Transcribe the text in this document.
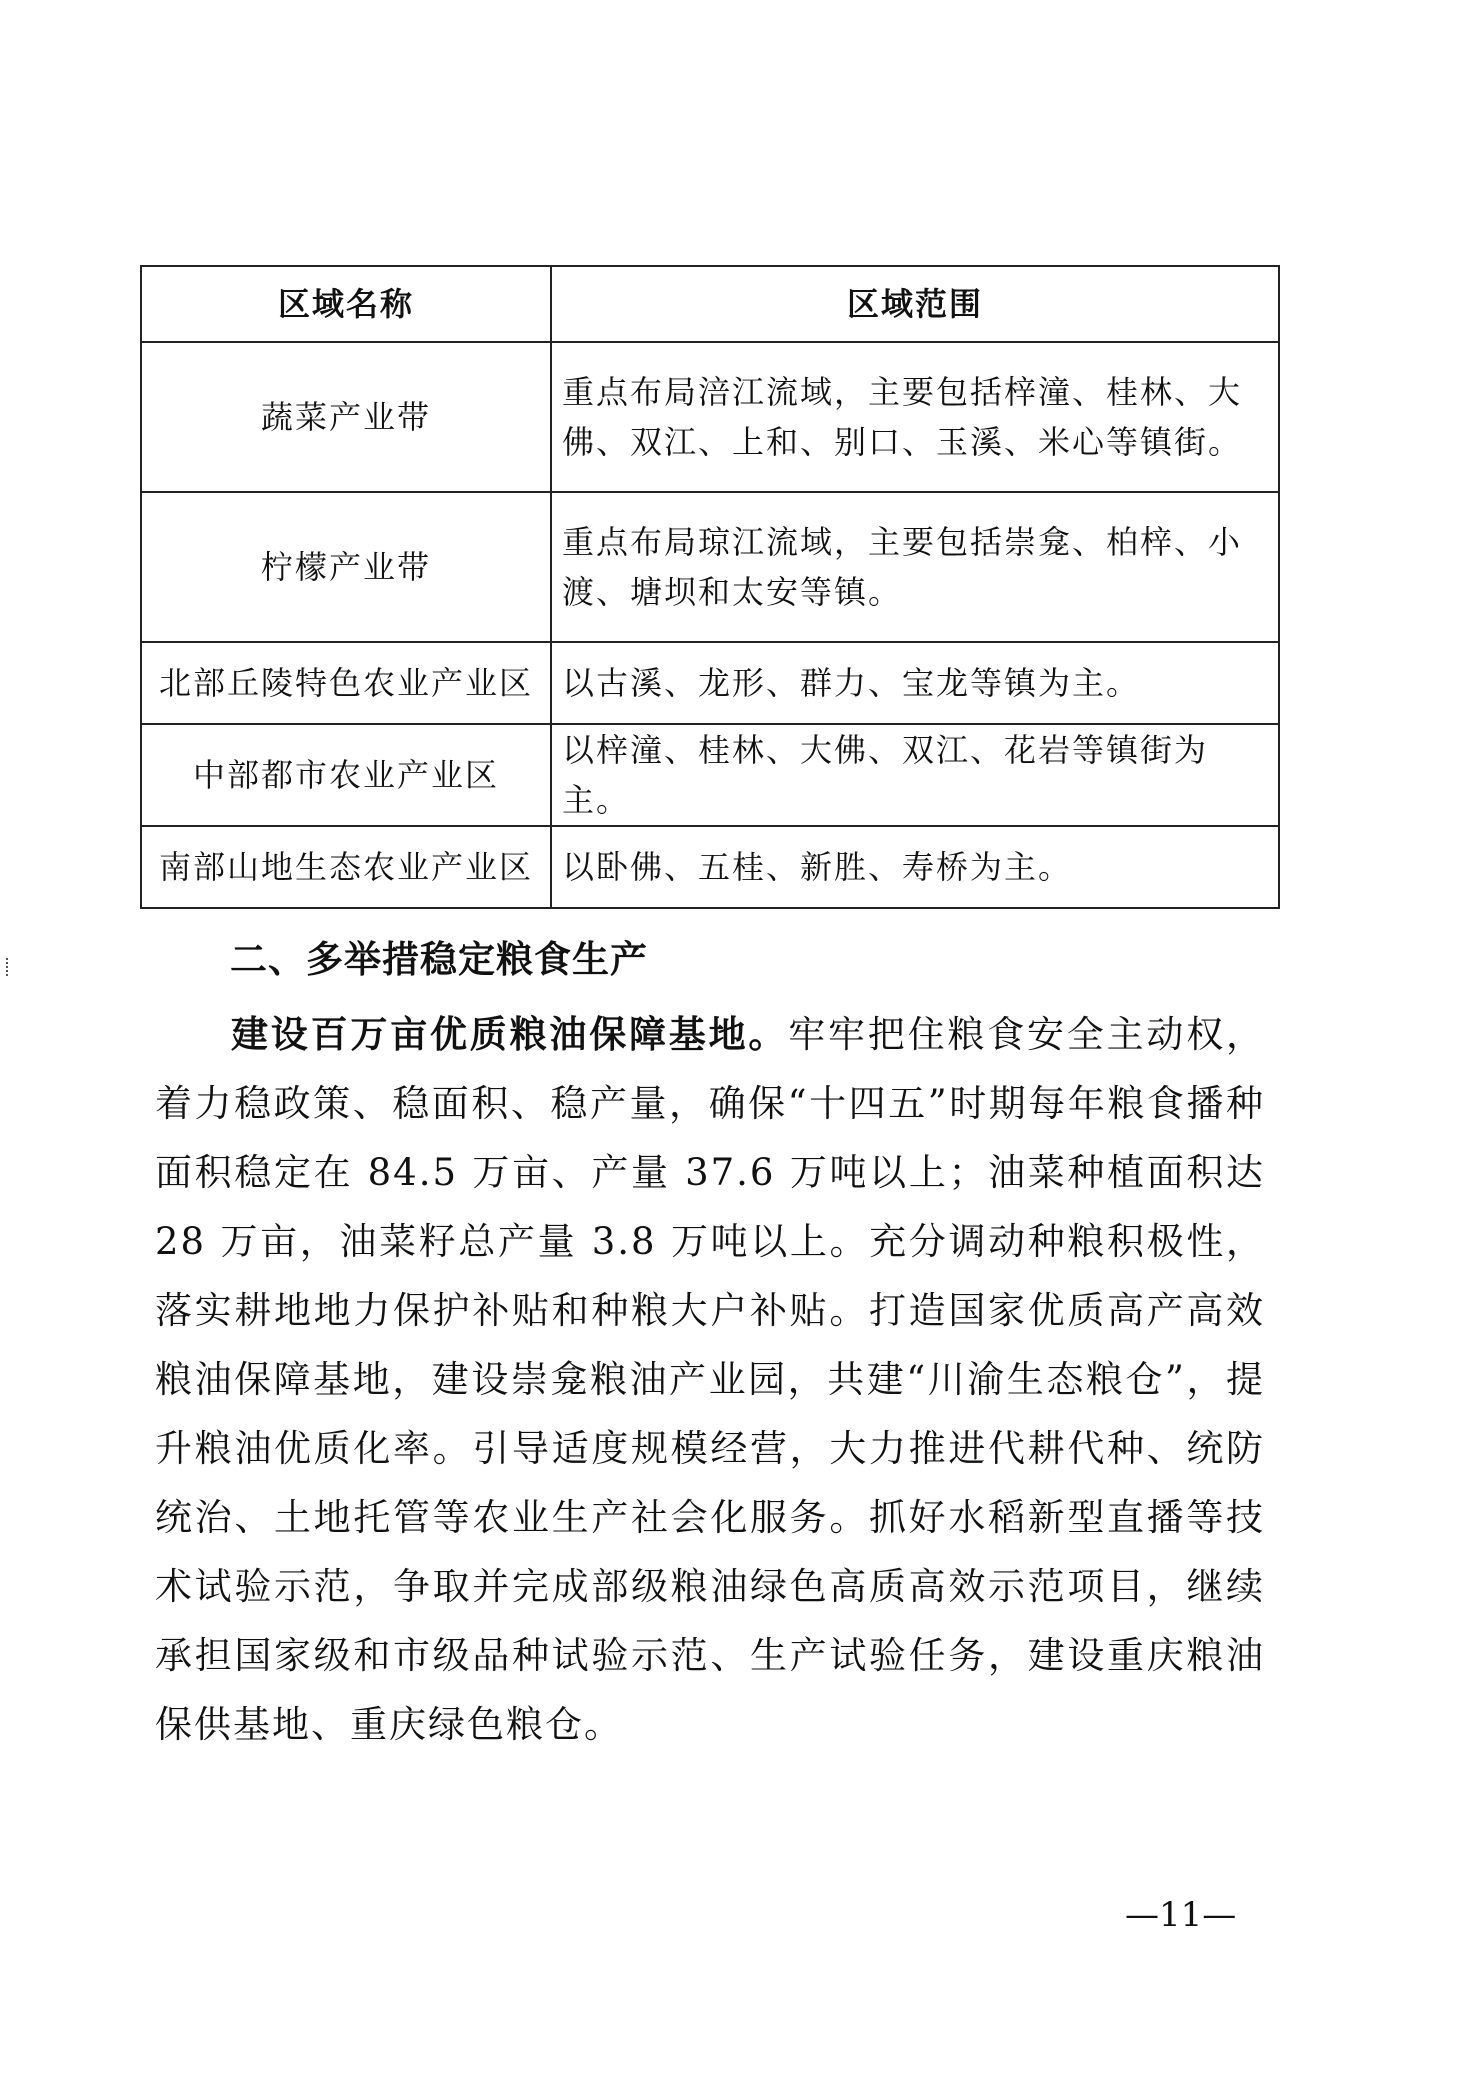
区域名称	区域范围
蔬菜产业带	重点布局涪江流域，主要包括梓潼、桂林、大佛、双江、上和、别口、玉溪、米心等镇街。
柠檬产业带	重点布局琼江流域，主要包括崇龛、柏梓、小渡、塘坝和太安等镇。
北部丘陵特色农业产业区	以古溪、龙形、群力、宝龙等镇为主。
中部都市农业产业区	以梓潼、桂林、大佛、双江、花岩等镇街为主。
南部山地生态农业产业区	以卧佛、五桂、新胜、寿桥为主。
二、多举措稳定粮食生产
建设百万亩优质粮油保障基地。牢牢把住粮食安全主动权，着力稳政策、稳面积、稳产量，确保“十四五”时期每年粮食播种面积稳定在 84.5 万亩、产量 37.6 万吨以上；油菜种植面积达 28 万亩，油菜籽总产量 3.8 万吨以上。充分调动种粮积极性，落实耕地地力保护补贴和种粮大户补贴。打造国家优质高产高效粮油保障基地，建设崇龛粮油产业园，共建“川渝生态粮仓”，提升粮油优质化率。引导适度规模经营，大力推进代耕代种、统防统治、土地托管等农业生产社会化服务。抓好水稻新型直播等技术试验示范，争取并完成部级粮油绿色高质高效示范项目，继续承担国家级和市级品种试验示范、生产试验任务，建设重庆粮油保供基地、重庆绿色粮仓。
—11—
